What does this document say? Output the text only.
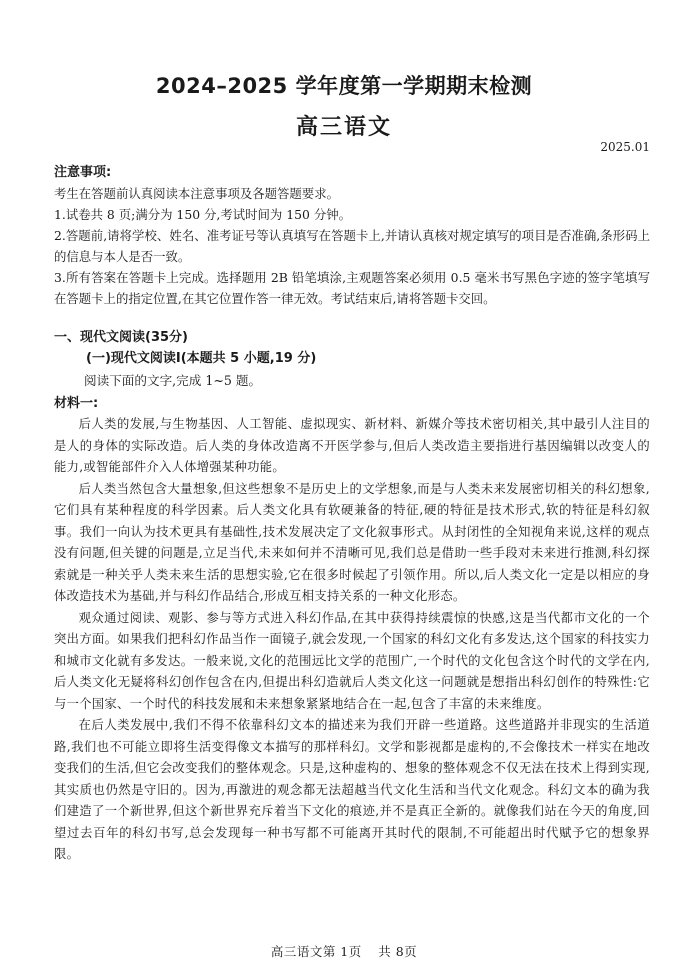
2024–2025 学年度第一学期期末检测
高三语文
2025.01

注意事项:

考生在答题前认真阅读本注意事项及各题答题要求。

1.试卷共 8 页;满分为 150 分,考试时间为 150 分钟。

2.答题前,请将学校、姓名、准考证号等认真填写在答题卡上,并请认真核对规定填写的项目是否准确,条形码上的信息与本人是否一致。

3.所有答案在答题卡上完成。选择题用 2B 铅笔填涂,主观题答案必须用 0.5 毫米书写黑色字迹的签字笔填写在答题卡上的指定位置,在其它位置作答一律无效。考试结束后,请将答题卡交回。

一、现代文阅读(35分)
(一)现代文阅读Ⅰ(本题共 5 小题,19 分)
阅读下面的文字,完成 1~5 题。
材料一:

后人类的发展,与生物基因、人工智能、虚拟现实、新材料、新媒介等技术密切相关,其中最引人注目的是人的身体的实际改造。后人类的身体改造离不开医学参与,但后人类改造主要指进行基因编辑以改变人的能力,或智能部件介入人体增强某种功能。

后人类当然包含大量想象,但这些想象不是历史上的文学想象,而是与人类未来发展密切相关的科幻想象,它们具有某种程度的科学因素。后人类文化具有软硬兼备的特征,硬的特征是技术形式,软的特征是科幻叙事。我们一向认为技术更具有基础性,技术发展决定了文化叙事形式。从封闭性的全知视角来说,这样的观点没有问题,但关键的问题是,立足当代,未来如何并不清晰可见,我们总是借助一些手段对未来进行推测,科幻探索就是一种关乎人类未来生活的思想实验,它在很多时候起了引领作用。所以,后人类文化一定是以相应的身体改造技术为基础,并与科幻作品结合,形成互相支持关系的一种文化形态。

观众通过阅读、观影、参与等方式进入科幻作品,在其中获得持续震惊的快感,这是当代都市文化的一个突出方面。如果我们把科幻作品当作一面镜子,就会发现,一个国家的科幻文化有多发达,这个国家的科技实力和城市文化就有多发达。一般来说,文化的范围远比文学的范围广,一个时代的文化包含这个时代的文学在内,后人类文化无疑将科幻创作包含在内,但提出科幻造就后人类文化这一问题就是想指出科幻创作的特殊性:它与一个国家、一个时代的科技发展和未来想象紧紧地结合在一起,包含了丰富的未来维度。

在后人类发展中,我们不得不依靠科幻文本的描述来为我们开辟一些道路。这些道路并非现实的生活道路,我们也不可能立即将生活变得像文本描写的那样科幻。文学和影视都是虚构的,不会像技术一样实在地改变我们的生活,但它会改变我们的整体观念。只是,这种虚构的、想象的整体观念不仅无法在技术上得到实现,其实质也仍然是守旧的。因为,再激进的观念都无法超越当代文化生活和当代文化观念。科幻文本的确为我们建造了一个新世界,但这个新世界充斥着当下文化的痕迹,并不是真正全新的。就像我们站在今天的角度,回望过去百年的科幻书写,总会发现每一种书写都不可能离开其时代的限制,不可能超出时代赋予它的想象界限。

高三语文第 1页 共 8页
